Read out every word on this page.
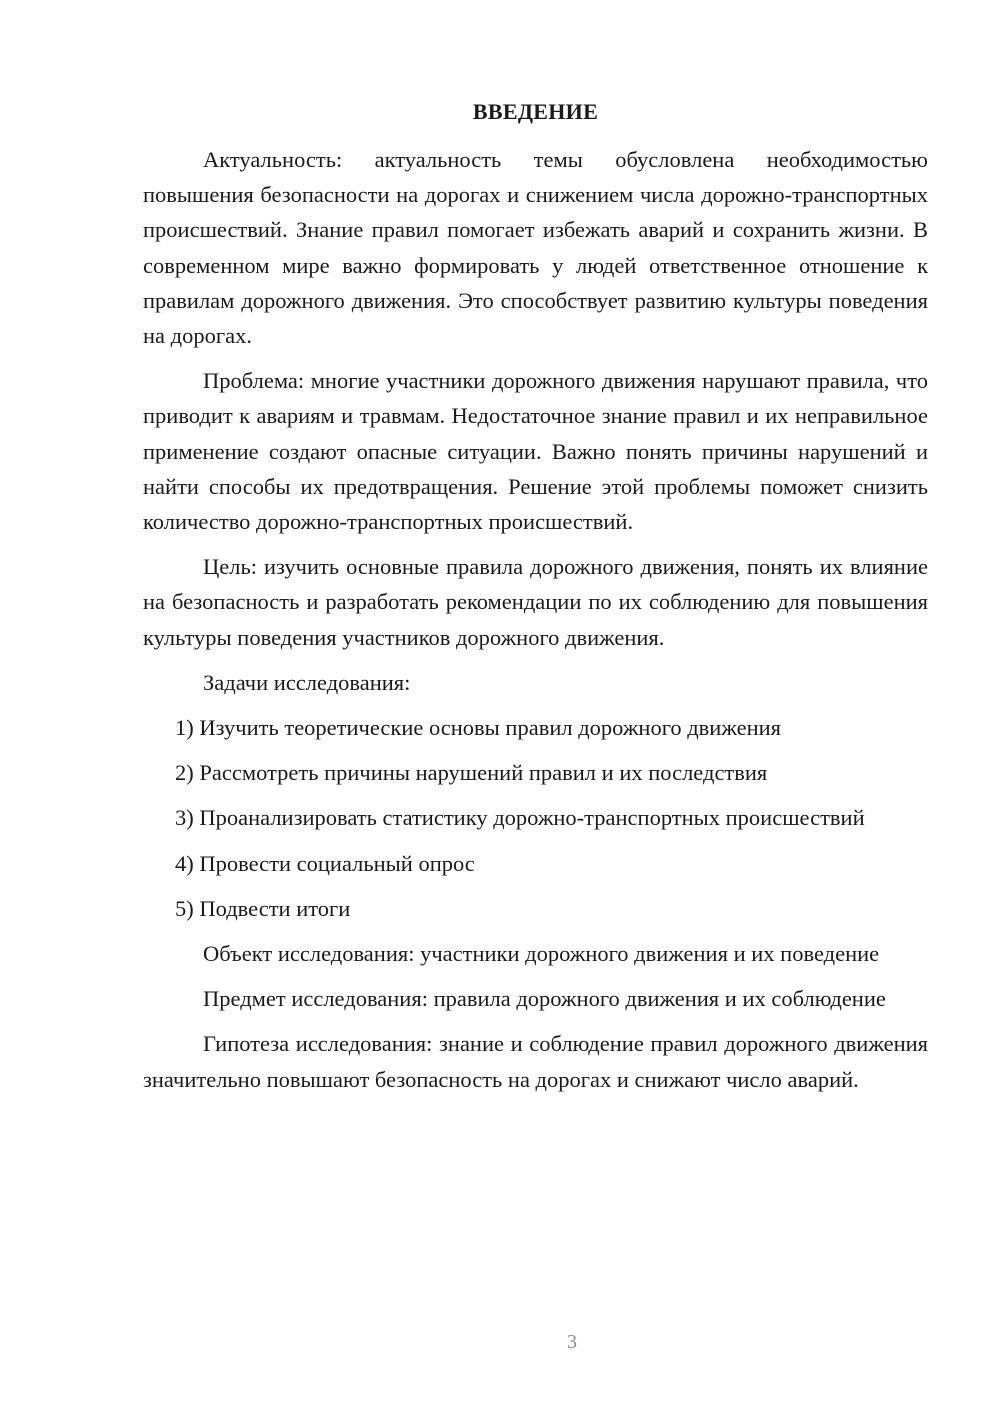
ВВЕДЕНИЕ

Актуальность: актуальность темы обусловлена необходимостью повышения безопасности на дорогах и снижением числа дорожно-транспортных происшествий. Знание правил помогает избежать аварий и сохранить жизни. В современном мире важно формировать у людей ответственное отношение к правилам дорожного движения. Это способствует развитию культуры поведения на дорогах.

Проблема: многие участники дорожного движения нарушают правила, что приводит к авариям и травмам. Недостаточное знание правил и их неправильное применение создают опасные ситуации. Важно понять причины нарушений и найти способы их предотвращения. Решение этой проблемы поможет снизить количество дорожно-транспортных происшествий.

Цель: изучить основные правила дорожного движения, понять их влияние на безопасность и разработать рекомендации по их соблюдению для повышения культуры поведения участников дорожного движения.

Задачи исследования:

1) Изучить теоретические основы правил дорожного движения

2) Рассмотреть причины нарушений правил и их последствия

3) Проанализировать статистику дорожно-транспортных происшествий

4) Провести социальный опрос

5) Подвести итоги

Объект исследования: участники дорожного движения и их поведение

Предмет исследования: правила дорожного движения и их соблюдение

Гипотеза исследования: знание и соблюдение правил дорожного движения значительно повышают безопасность на дорогах и снижают число аварий.

3
